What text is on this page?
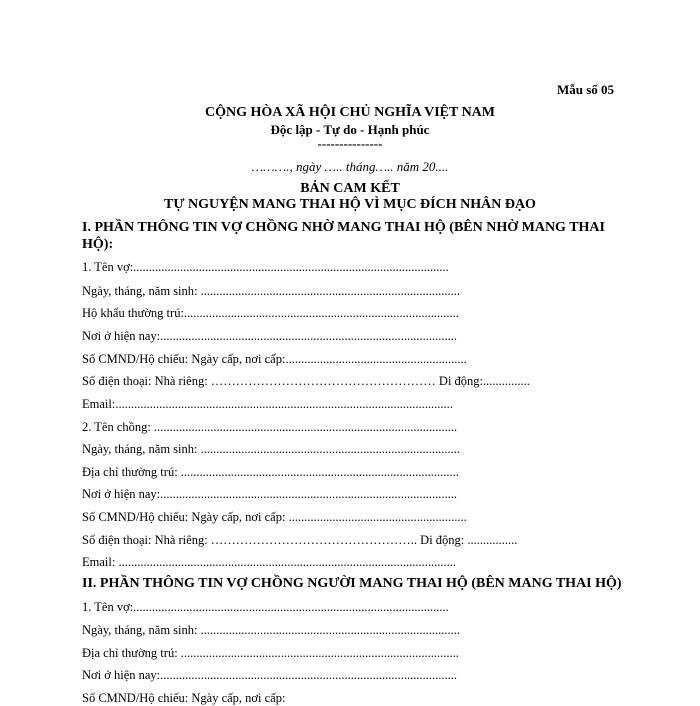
Mẫu số 05
CỘNG HÒA XÃ HỘI CHỦ NGHĨA VIỆT NAM
Độc lập - Tự do - Hạnh phúc
---------------
………., ngày ….. tháng….. năm 20....
BẢN CAM KẾT
TỰ NGUYỆN MANG THAI HỘ VÌ MỤC ĐÍCH NHÂN ĐẠO
I. PHẦN THÔNG TIN VỢ CHỒNG NHỜ MANG THAI HỘ (BÊN NHỜ MANG THAI HỘ):
1. Tên vợ:.....................................................................................................
Ngày, tháng, năm sinh: ...................................................................................
Hộ khẩu thường trú:........................................................................................
Nơi ở hiện nay:...............................................................................................
Số CMND/Hộ chiếu: Ngày cấp, nơi cấp:..........................................................
Số điện thoại: Nhà riêng: ……………………………………………… Di động:...............
Email:............................................................................................................
2. Tên chồng: .................................................................................................
Ngày, tháng, năm sinh: ...................................................................................
Địa chỉ thường trú: .........................................................................................
Nơi ở hiện nay:...............................................................................................
Số CMND/Hộ chiếu: Ngày cấp, nơi cấp: .........................................................
Số điện thoại: Nhà riêng: ………………………………………….. Di động: ................
Email: ............................................................................................................
II. PHẦN THÔNG TIN VỢ CHỒNG NGƯỜI MANG THAI HỘ (BÊN MANG THAI HỘ)
1. Tên vợ:.....................................................................................................
Ngày, tháng, năm sinh: ...................................................................................
Địa chỉ thường trú: .........................................................................................
Nơi ở hiện nay:...............................................................................................
Số CMND/Hộ chiếu: Ngày cấp, nơi cấp:
